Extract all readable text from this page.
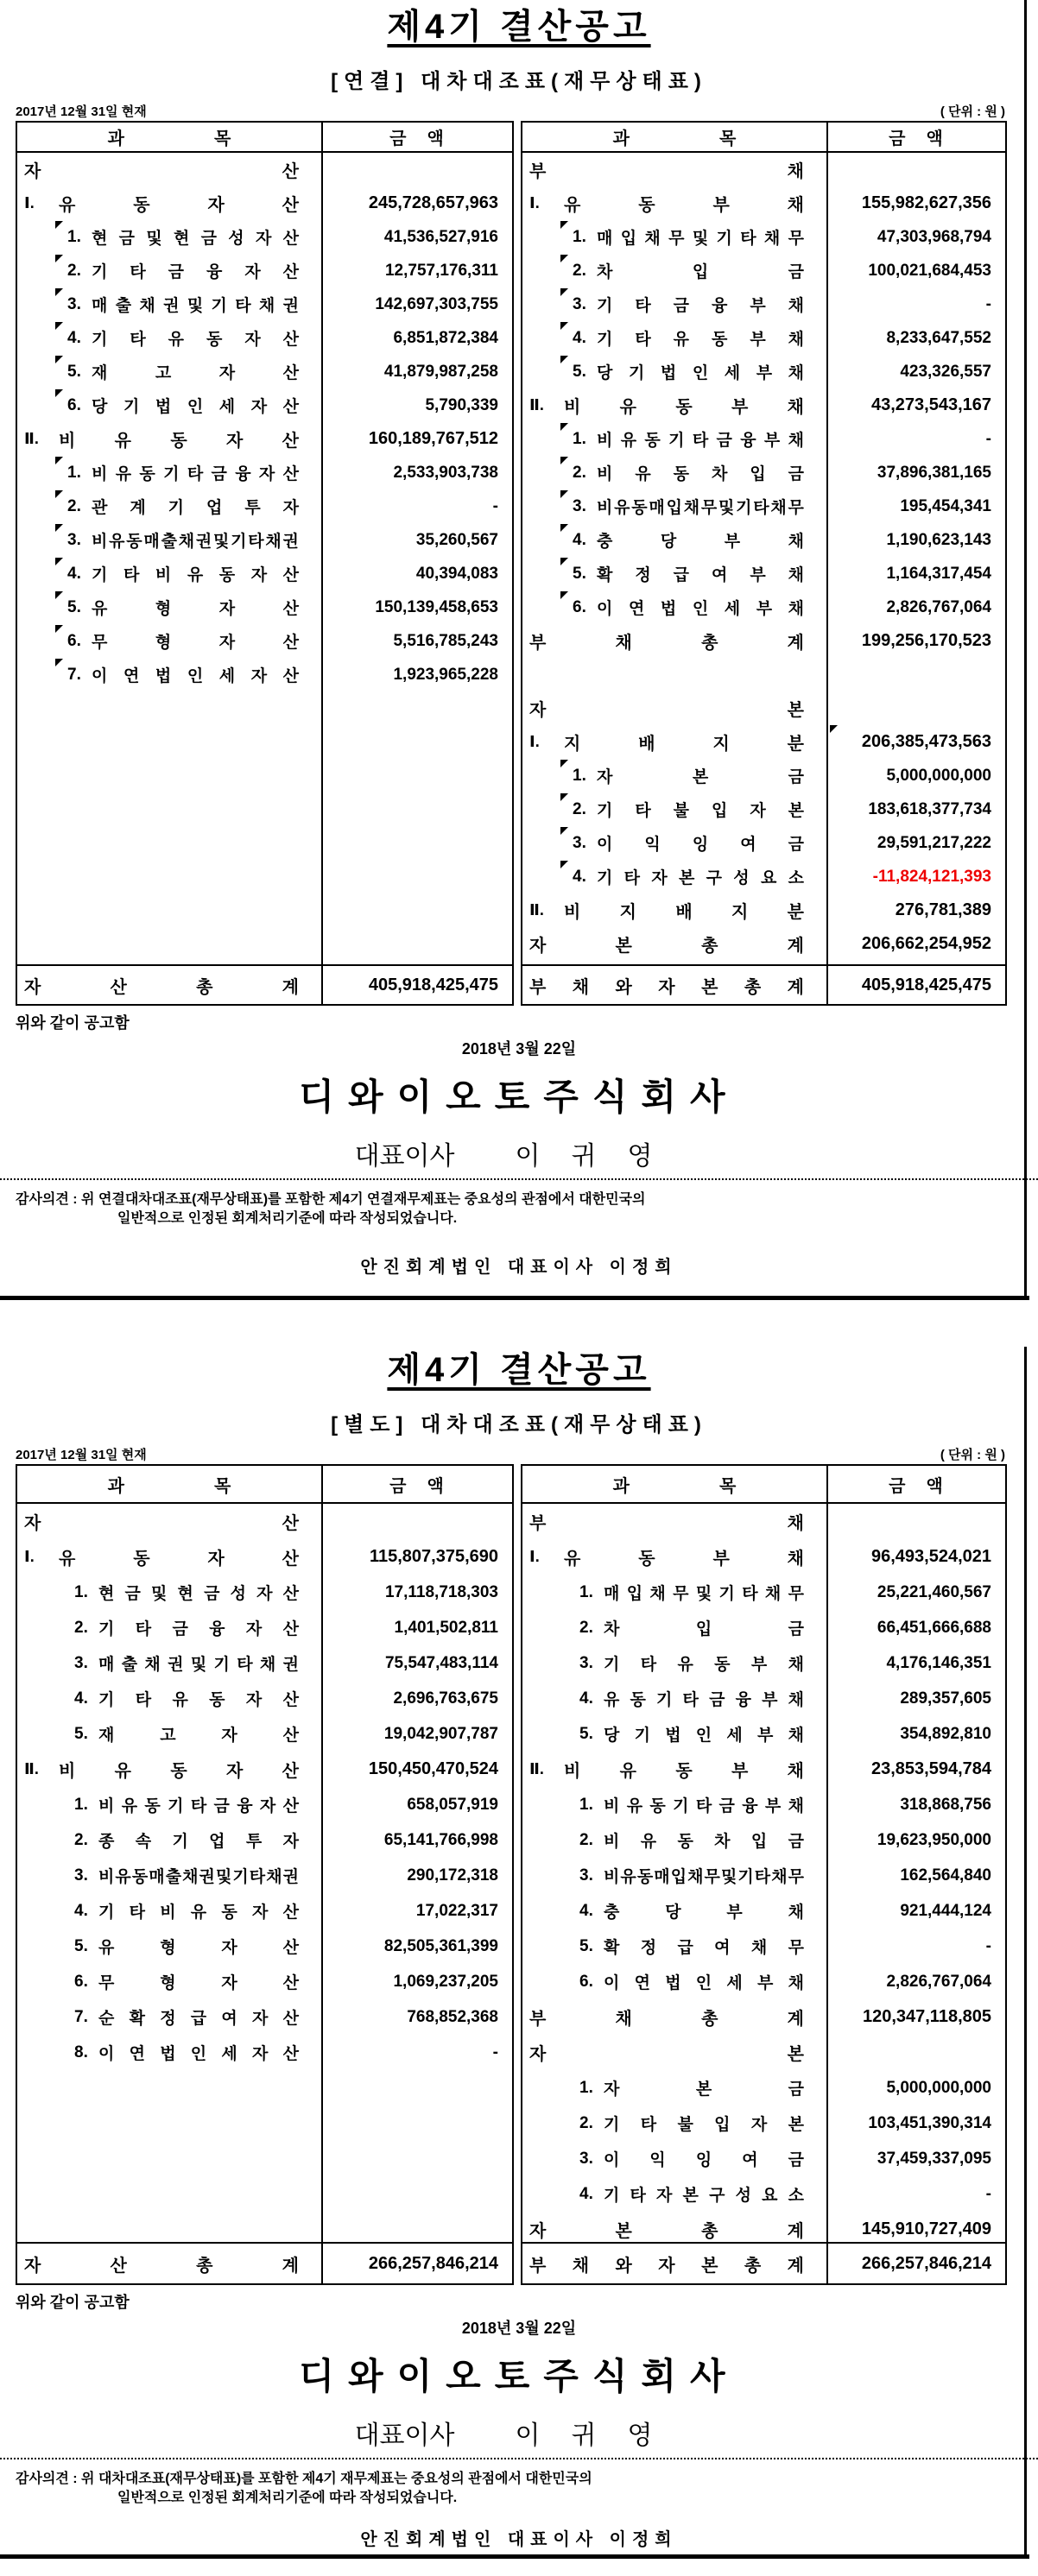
제4기 결산공고
[연결] 대차대조표(재무상태표)
2017년 12월 31일 현재	( 단위 : 원 )
과	목	금 액
자	산
Ⅰ.	유	동	자	산	245,728,657,963
1. 현 금 및 현 금 성 자 산	41,536,527,916
2. 기 타 금 융 자 산	12,757,176,311
3. 매 출 채 권 및 기 타 채 권	142,697,303,755
4. 기 타 유 동 자 산	6,851,872,384
5. 재	고	자	산	41,879,987,258
6. 당 기 법 인 세 자 산	5,790,339
Ⅱ.	비 유 동 자 산	160,189,767,512
1. 비 유 동 기 타 금 융 자 산	2,533,903,738
2. 관 계 기 업 투 자	-
3. 비 유 동 매 출 채 권 및 기 타 채 권	35,260,567
4. 기 타 비 유 동 자 산	40,394,083
5. 유	형	자	산	150,139,458,653
6. 무	형	자	산	5,516,785,243
7. 이 연 법 인 세 자 산	1,923,965,228
자	산	총	계	405,918,425,475
과	목	금 액
부	채
Ⅰ.	유	동	부	채	155,982,627,356
1. 매 입 채 무 및 기 타 채 무	47,303,968,794
2. 차	입	금	100,021,684,453
3. 기 타 금 융 부 채	-
4. 기 타 유 동 부 채	8,233,647,552
5. 당 기 법 인 세 부 채	423,326,557
Ⅱ.	비 유 동 부 채	43,273,543,167
1. 비 유 동 기 타 금 융 부 채	-
2. 비 유 동 차 입 금	37,896,381,165
3. 비 유 동 매 입 채 무 및 기 타 채 무	195,454,341
4. 충	당	부	채	1,190,623,143
5. 확 정 급 여 부 채	1,164,317,454
6. 이 연 법 인 세 부 채	2,826,767,064
부	채	총	계	199,256,170,523
자	본
Ⅰ.	지	배	지	분	206,385,473,563
1. 자	본	금	5,000,000,000
2. 기 타 불 입 자 본	183,618,377,734
3. 이 익 잉 여 금	29,591,217,222
4. 기 타 자 본 구 성 요 소	-11,824,121,393
Ⅱ.	비 지 배 지 분	276,781,389
자	본	총	계	206,662,254,952
부 채 와 자 본 총 계	405,918,425,475
위와 같이 공고함
2018년 3월 22일
디와이오토주식회사
대표이사 이귀영
감사의견 : 위 연결대차대조표(재무상태표)를 포함한 제4기 연결재무제표는 중요성의 관점에서 대한민국의
일반적으로 인정된 회계처리기준에 따라 작성되었습니다.
안진회계법인 대표이사 이정희
제4기 결산공고
[별도] 대차대조표(재무상태표)
2017년 12월 31일 현재	( 단위 : 원 )
과	목	금 액
자	산
Ⅰ.	유	동	자	산	115,807,375,690
1. 현 금 및 현 금 성 자 산	17,118,718,303
2. 기 타 금 융 자 산	1,401,502,811
3. 매 출 채 권 및 기 타 채 권	75,547,483,114
4. 기 타 유 동 자 산	2,696,763,675
5. 재	고	자	산	19,042,907,787
Ⅱ.	비 유 동 자 산	150,450,470,524
1. 비 유 동 기 타 금 융 자 산	658,057,919
2. 종 속 기 업 투 자	65,141,766,998
3. 비 유 동 매 출 채 권 및 기 타 채 권	290,172,318
4. 기 타 비 유 동 자 산	17,022,317
5. 유	형	자	산	82,505,361,399
6. 무	형	자	산	1,069,237,205
7. 순 확 정 급 여 자 산	768,852,368
8. 이 연 법 인 세 자 산	-
자	산	총	계	266,257,846,214
과	목	금 액
부	채
Ⅰ.	유	동	부	채	96,493,524,021
1. 매 입 채 무 및 기 타 채 무	25,221,460,567
2. 차	입	금	66,451,666,688
3. 기 타 유 동 부 채	4,176,146,351
4. 유 동 기 타 금 융 부 채	289,357,605
5. 당 기 법 인 세 부 채	354,892,810
Ⅱ.	비 유 동 부 채	23,853,594,784
1. 비 유 동 기 타 금 융 부 채	318,868,756
2. 비 유 동 차 입 금	19,623,950,000
3. 비 유 동 매 입 채 무 및 기 타 채 무	162,564,840
4. 충	당	부	채	921,444,124
5. 확 정 급 여 채 무	-
6. 이 연 법 인 세 부 채	2,826,767,064
부	채	총	계	120,347,118,805
자	본
1. 자	본	금	5,000,000,000
2. 기 타 불 입 자 본	103,451,390,314
3. 이 익 잉 여 금	37,459,337,095
4. 기 타 자 본 구 성 요 소	-
자	본	총	계	145,910,727,409
부 채 와 자 본 총 계	266,257,846,214
위와 같이 공고함
2018년 3월 22일
디와이오토주식회사
대표이사 이귀영
감사의견 : 위 대차대조표(재무상태표)를 포함한 제4기 재무제표는 중요성의 관점에서 대한민국의
일반적으로 인정된 회계처리기준에 따라 작성되었습니다.
안진회계법인 대표이사 이정희
